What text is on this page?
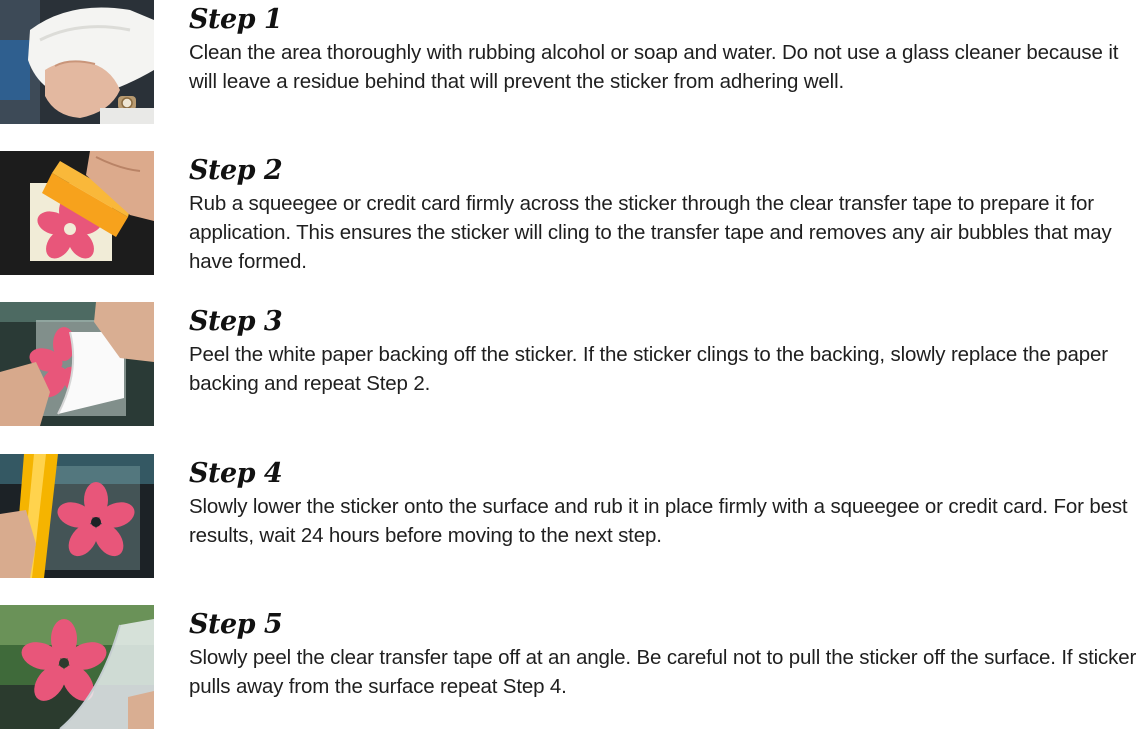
Step 1

Clean the area thoroughly with rubbing alcohol or soap and water. Do not use a glass cleaner because it will leave a residue behind that will prevent the sticker from adhering well.

Step 2

Rub a squeegee or credit card firmly across the sticker through the clear transfer tape to prepare it for application. This ensures the sticker will cling to the transfer tape and removes any air bubbles that may have formed.

Step 3

Peel the white paper backing off the sticker. If the sticker clings to the backing, slowly replace the paper backing and repeat Step 2.

Step 4

Slowly lower the sticker onto the surface and rub it in place firmly with a squeegee or credit card. For best results, wait 24 hours before moving to the next step.

Step 5

Slowly peel the clear transfer tape off at an angle. Be careful not to pull the sticker off the surface. If sticker pulls away from the surface repeat Step 4.
